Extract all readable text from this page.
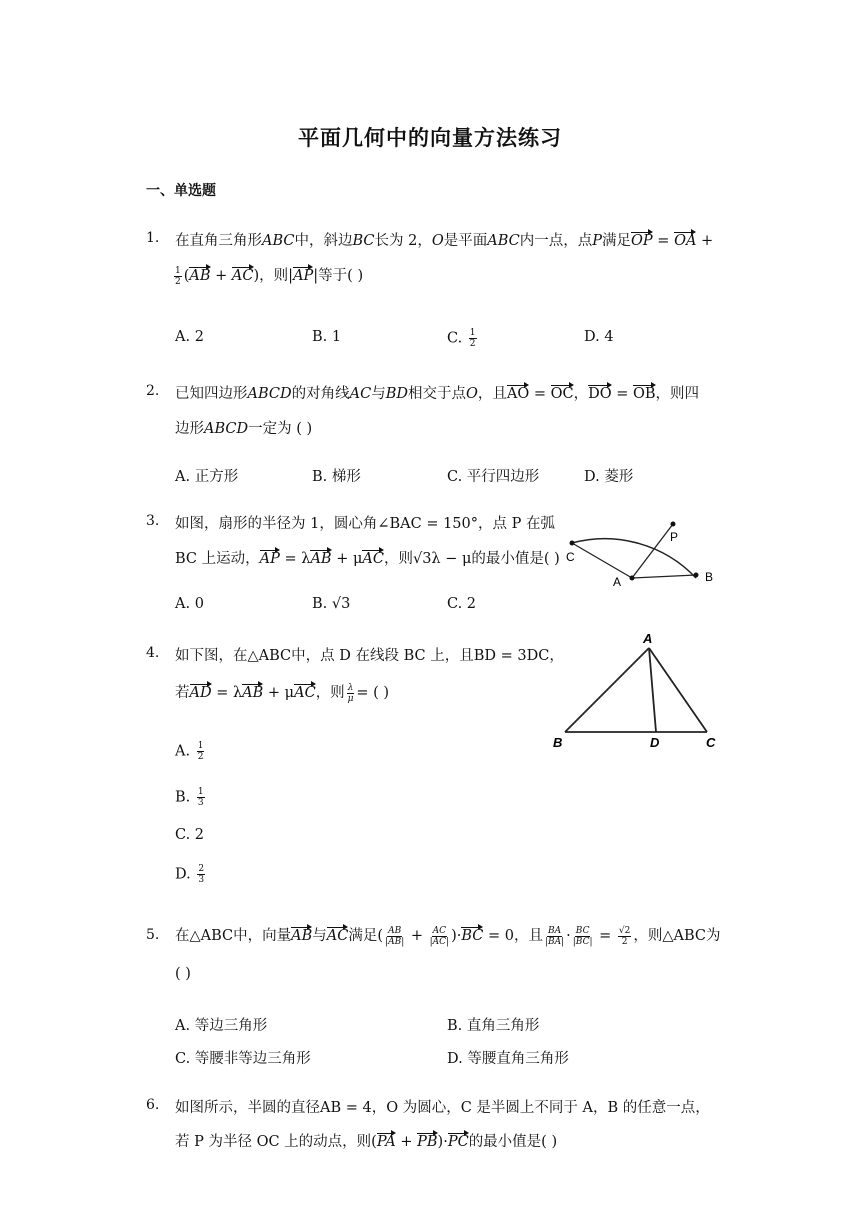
平面几何中的向量方法练习
一、单选题
1. 在直角三角形ABC中，斜边BC长为 2，O是平面ABC内一点，点P满足OP = OA +
$\frac{1}{2} (AB + AC)$，则|AP|等于( )
A. 2	B. 1	C. $\frac{1}{2}$	D. 4
2. 已知四边形ABCD的对角线AC与BD相交于点O，且AO = OC，DO = OB，则四
边形ABCD一定为 ( )
A. 正方形	B. 梯形	C. 平行四边形	D. 菱形
3. 如图，扇形的半径为 1，圆心角∠BAC = 150°，点 P 在弧
BC 上运动，AP = λAB + μAC，则√3λ − μ的最小值是( )
A. 0	B. √3	C. 2
C
P
A	B
4. 如下图，在△ABC中，点 D 在线段 BC 上，且BD = 3DC，
若AD = λAB + μAC，则 $\frac{\lambda}{\mu}$ = ( )
A. $\frac{1}{2}$
B. $\frac{1}{3}$
C. 2
D. $\frac{2}{3}$
A
B	D	C
5. 在△ABC中，向量AB与AC满足( $\frac{AB}{|AB|} + \frac{AC}{|AC|} )\cdot BC = 0$，且 $\frac{BA}{|BA|} \cdot \frac{BC}{|BC|} = \frac{√2}{2}$ ，则△ABC为
( )
A. 等边三角形	B. 直角三角形
C. 等腰非等边三角形	D. 等腰直角三角形
6. 如图所示，半圆的直径AB = 4，O 为圆心，C 是半圆上不同于 A，B 的任意一点，
若 P 为半径 OC 上的动点，则(PA + PB)·PC的最小值是( )
